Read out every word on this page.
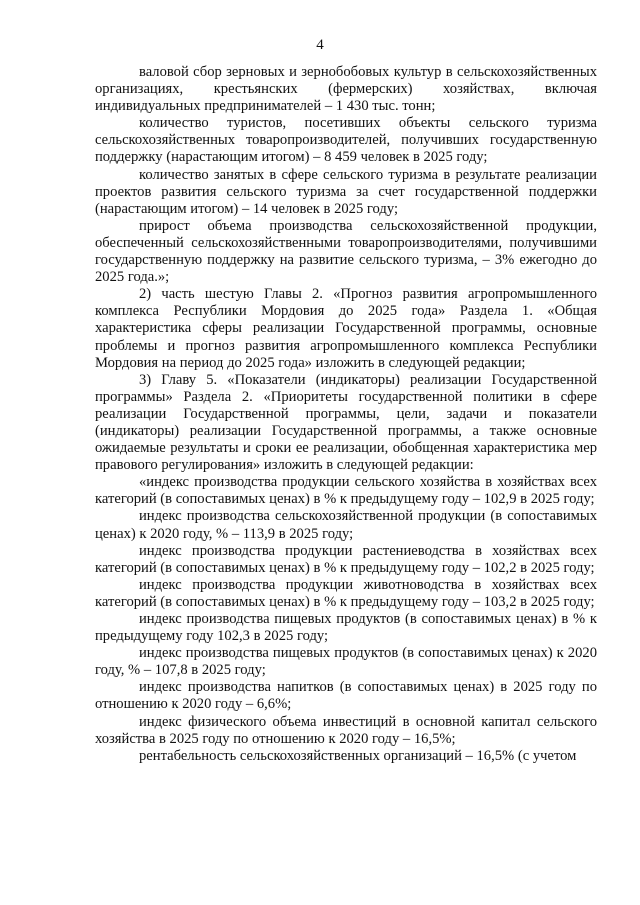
4

валовой сбор зерновых и зернобобовых культур в сельскохозяйственных организациях, крестьянских (фермерских) хозяйствах, включая индивидуальных предпринимателей – 1 430 тыс. тонн;

количество туристов, посетивших объекты сельского туризма сельскохозяйственных товаропроизводителей, получивших государственную поддержку (нарастающим итогом) – 8 459 человек в 2025 году;

количество занятых в сфере сельского туризма в результате реализации проектов развития сельского туризма за счет государственной поддержки (нарастающим итогом) – 14 человек в 2025 году;

прирост объема производства сельскохозяйственной продукции, обеспеченный сельскохозяйственными товаропроизводителями, получившими государственную поддержку на развитие сельского туризма, – 3% ежегодно до 2025 года.»;

2) часть шестую Главы 2. «Прогноз развития агропромышленного комплекса Республики Мордовия до 2025 года» Раздела 1. «Общая характеристика сферы реализации Государственной программы, основные проблемы и прогноз развития агропромышленного комплекса Республики Мордовия на период до 2025 года» изложить в следующей редакции;

3) Главу 5. «Показатели (индикаторы) реализации Государственной программы» Раздела 2. «Приоритеты государственной политики в сфере реализации Государственной программы, цели, задачи и показатели (индикаторы) реализации Государственной программы, а также основные ожидаемые результаты и сроки ее реализации, обобщенная характеристика мер правового регулирования» изложить в следующей редакции:

«индекс производства продукции сельского хозяйства в хозяйствах всех категорий (в сопоставимых ценах) в % к предыдущему году – 102,9 в 2025 году;

индекс производства сельскохозяйственной продукции (в сопоставимых ценах) к 2020 году, % – 113,9 в 2025 году;

индекс производства продукции растениеводства в хозяйствах всех категорий (в сопоставимых ценах) в % к предыдущему году – 102,2 в 2025 году;

индекс производства продукции животноводства в хозяйствах всех категорий (в сопоставимых ценах) в % к предыдущему году – 103,2 в 2025 году;

индекс производства пищевых продуктов (в сопоставимых ценах) в % к предыдущему году 102,3 в 2025 году;

индекс производства пищевых продуктов (в сопоставимых ценах) к 2020 году, % – 107,8 в 2025 году;

индекс производства напитков (в сопоставимых ценах) в 2025 году по отношению к 2020 году – 6,6%;

индекс физического объема инвестиций в основной капитал сельского хозяйства в 2025 году по отношению к 2020 году – 16,5%;

рентабельность сельскохозяйственных организаций – 16,5% (с учетом
